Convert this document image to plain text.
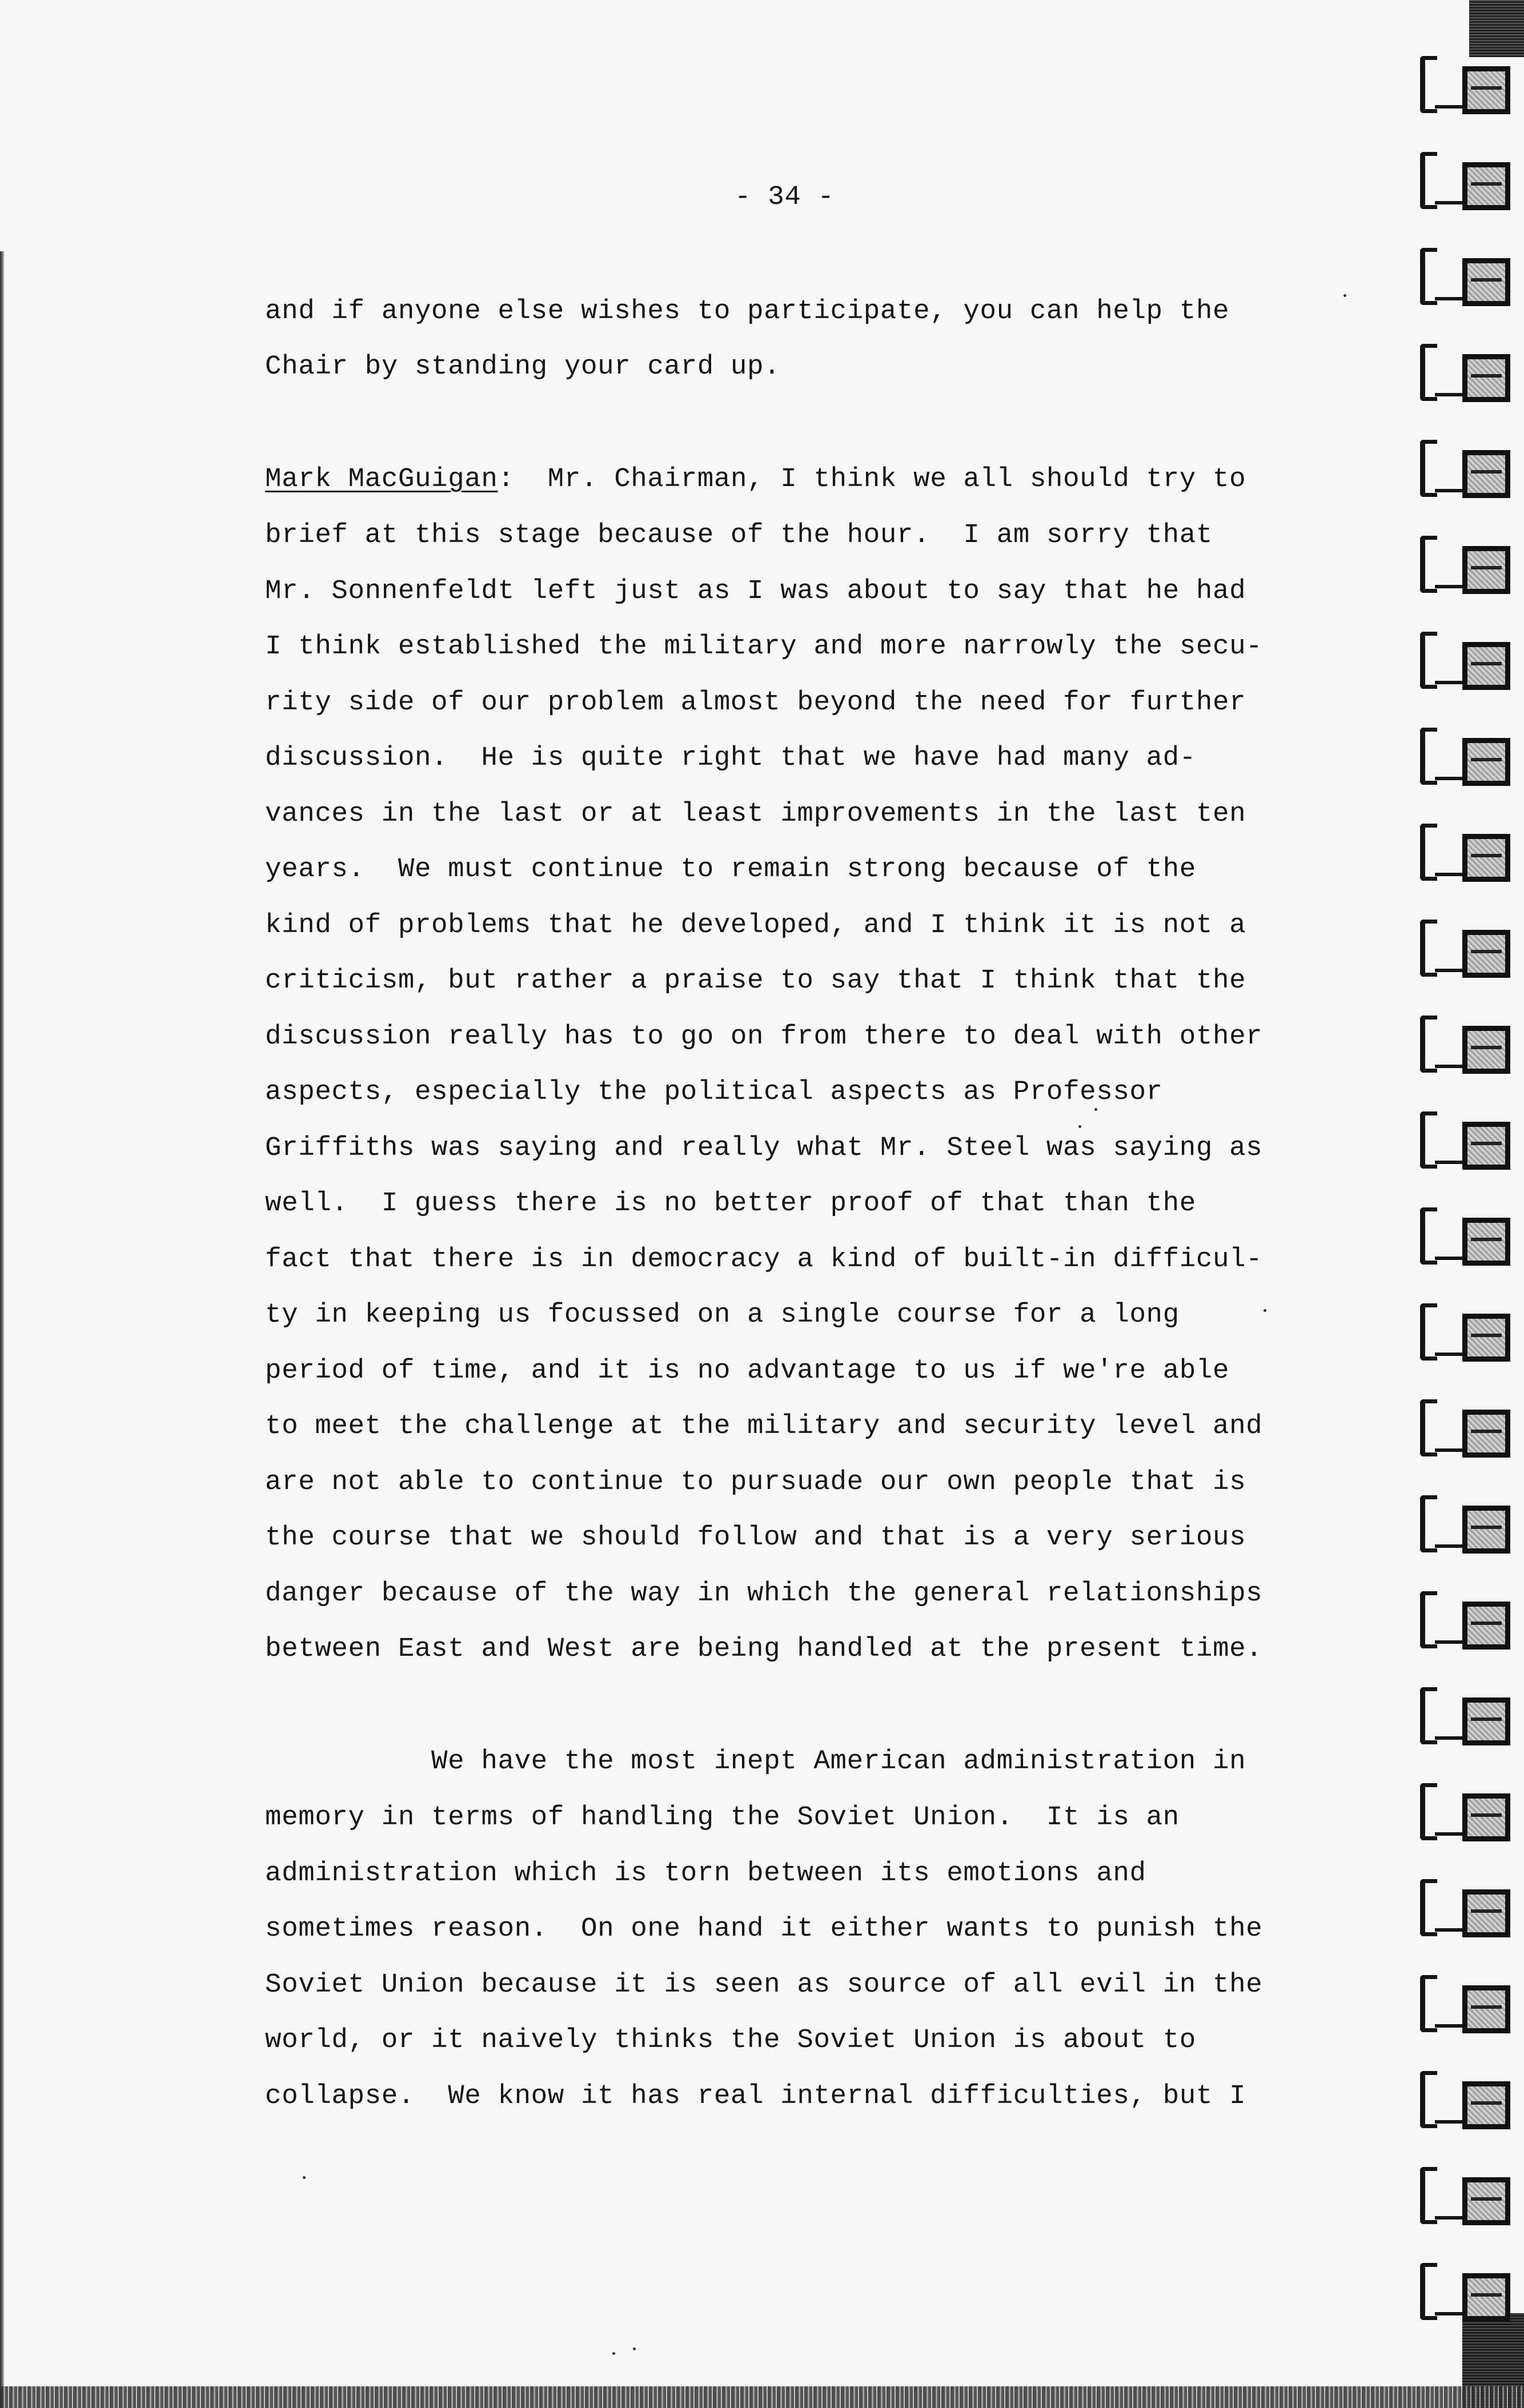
- 34 -
and if anyone else wishes to participate, you can help the
Chair by standing your card up.
Mark MacGuigan:  Mr. Chairman, I think we all should try to
brief at this stage because of the hour.  I am sorry that
Mr. Sonnenfeldt left just as I was about to say that he had
I think established the military and more narrowly the secu-
rity side of our problem almost beyond the need for further
discussion.  He is quite right that we have had many ad-
vances in the last or at least improvements in the last ten
years.  We must continue to remain strong because of the
kind of problems that he developed, and I think it is not a
criticism, but rather a praise to say that I think that the
discussion really has to go on from there to deal with other
aspects, especially the political aspects as Professor
Griffiths was saying and really what Mr. Steel was saying as
well.  I guess there is no better proof of that than the
fact that there is in democracy a kind of built-in difficul-
ty in keeping us focussed on a single course for a long
period of time, and it is no advantage to us if we're able
to meet the challenge at the military and security level and
are not able to continue to pursuade our own people that is
the course that we should follow and that is a very serious
danger because of the way in which the general relationships
between East and West are being handled at the present time.
We have the most inept American administration in
memory in terms of handling the Soviet Union.  It is an
administration which is torn between its emotions and
sometimes reason.  On one hand it either wants to punish the
Soviet Union because it is seen as source of all evil in the
world, or it naively thinks the Soviet Union is about to
collapse.  We know it has real internal difficulties, but I
